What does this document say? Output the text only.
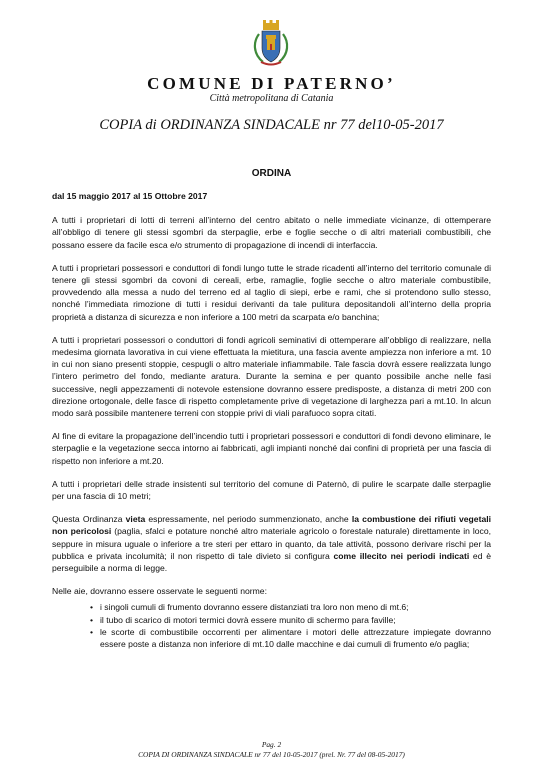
COMUNE DI PATERNO’
Città metropolitana di Catania
COPIA di ORDINANZA SINDACALE nr 77 del10-05-2017
ORDINA

dal 15 maggio 2017 al 15 Ottobre 2017

A tutti i proprietari di lotti di terreni all’interno del centro abitato o nelle immediate vicinanze, di ottemperare all’obbligo di tenere gli stessi sgombri da sterpaglie, erbe e foglie secche o di altri materiali combustibili, che possano essere da facile esca e/o strumento di propagazione di incendi di interfaccia.

A tutti i proprietari possessori e conduttori di fondi lungo tutte le strade ricadenti all’interno del territorio comunale di tenere gli stessi sgombri da covoni di cereali, erbe, ramaglie, foglie secche o altro materiale combustibile, provvedendo alla messa a nudo del terreno ed al taglio di siepi, erbe e rami, che si protendono sullo stesso, nonché l’immediata rimozione di tutti i residui derivanti da tale pulitura depositandoli all’interno della propria proprietà a distanza di sicurezza e non inferiore a 100 metri da scarpata e/o banchina;

A tutti i proprietari possessori o conduttori di fondi agricoli seminativi di ottemperare all’obbligo di realizzare, nella medesima giornata lavorativa in cui viene effettuata la mietitura, una fascia avente ampiezza non inferiore a mt. 10 in cui non siano presenti stoppie, cespugli o altro materiale infiammabile. Tale fascia dovrà essere realizzata lungo l’intero perimetro del fondo, mediante aratura. Durante la semina e per quanto possibile anche nelle fasi successive, negli appezzamenti di notevole estensione dovranno essere predisposte, a distanza di metri 200 con direzione ortogonale, delle fasce di rispetto completamente prive di vegetazione di larghezza pari a mt.10. In alcun modo sarà possibile mantenere terreni con stoppie privi di viali parafuoco sopra citati.

Al fine di evitare la propagazione dell’incendio tutti i proprietari possessori e conduttori di fondi devono eliminare, le sterpaglie e la vegetazione secca intorno ai fabbricati, agli impianti nonché dai confini di proprietà per una fascia di rispetto non inferiore a mt.20.

A tutti i proprietari delle strade insistenti sul territorio del comune di Paternò, di pulire le scarpate dalle sterpaglie per una fascia di 10 metri;

Questa Ordinanza vieta espressamente, nel periodo summenzionato, anche la combustione dei rifiuti vegetali non pericolosi (paglia, sfalci e potature nonché altro materiale agricolo o forestale naturale) direttamente in loco, seppure in misura uguale o inferiore a tre steri per ettaro in quanto, da tale attività, possono derivare rischi per la pubblica e privata incolumità; il non rispetto di tale divieto si configura come illecito nei periodi indicati ed è perseguibile a norma di legge.

Nelle aie, dovranno essere osservate le seguenti norme:

• i singoli cumuli di frumento dovranno essere distanziati tra loro non meno di mt.6;
• il tubo di scarico di motori termici dovrà essere munito di schermo para faville;
• le scorte di combustibile occorrenti per alimentare i motori delle attrezzature impiegate dovranno essere poste a distanza non inferiore di mt.10 dalle macchine e dai cumuli di frumento e/o paglia;
Pag. 2
COPIA DI ORDINANZA SINDACALE nr 77 del 10-05-2017 (prel. Nr. 77 del 08-05-2017)
